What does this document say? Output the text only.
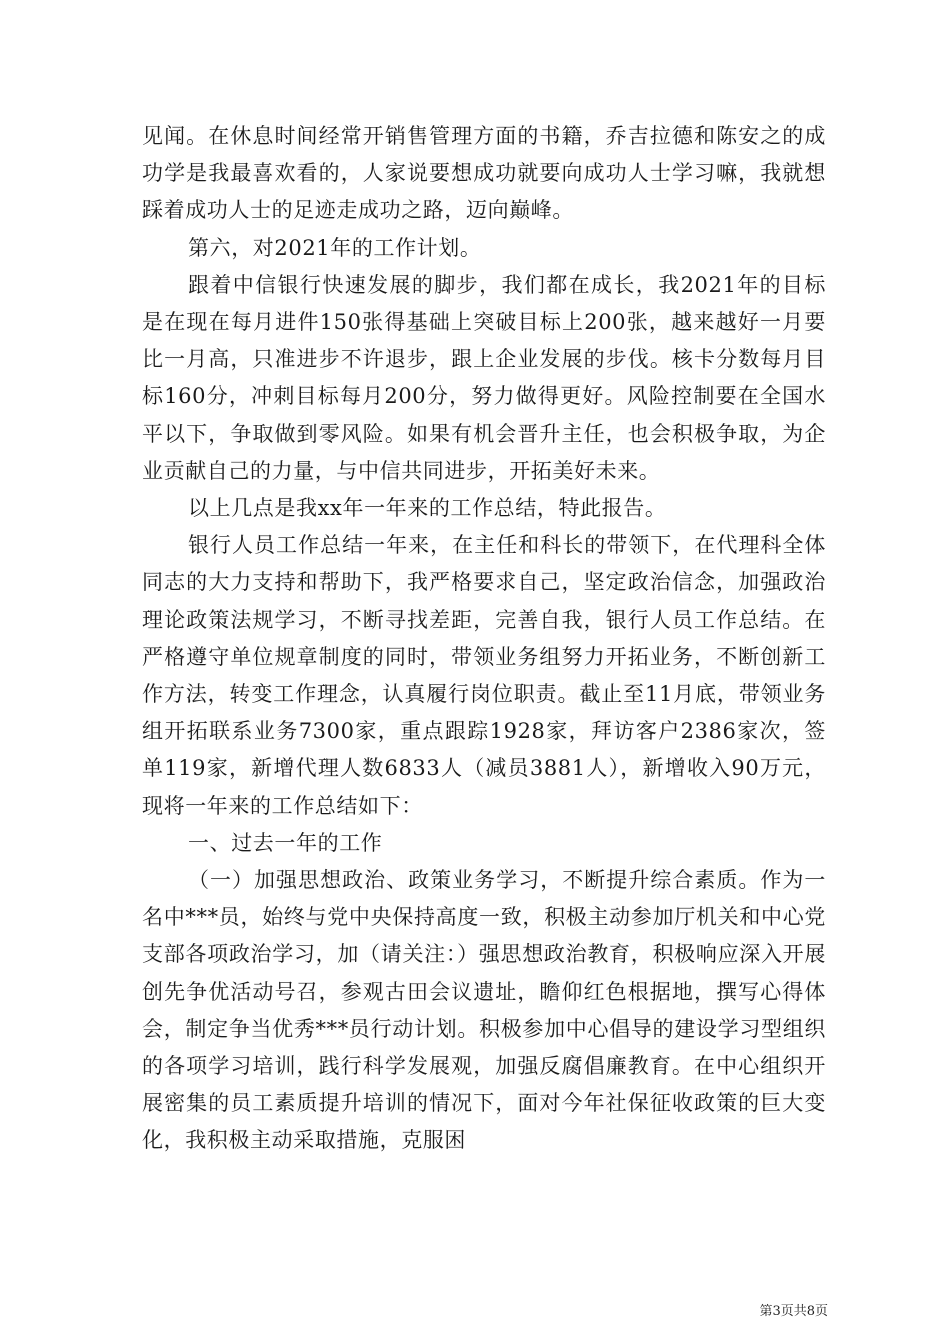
见闻。在休息时间经常开销售管理方面的书籍，乔吉拉德和陈安之的成功学是我最喜欢看的，人家说要想成功就要向成功人士学习嘛，我就想踩着成功人士的足迹走成功之路，迈向巅峰。

第六，对2021年的工作计划。

跟着中信银行快速发展的脚步，我们都在成长，我2021年的目标是在现在每月进件150张得基础上突破目标上200张，越来越好一月要比一月高，只准进步不许退步，跟上企业发展的步伐。核卡分数每月目标160分，冲刺目标每月200分，努力做得更好。风险控制要在全国水平以下，争取做到零风险。如果有机会晋升主任，也会积极争取，为企业贡献自己的力量，与中信共同进步，开拓美好未来。

以上几点是我xx年一年来的工作总结，特此报告。

银行人员工作总结一年来，在主任和科长的带领下，在代理科全体同志的大力支持和帮助下，我严格要求自己，坚定政治信念，加强政治理论政策法规学习，不断寻找差距，完善自我，银行人员工作总结。在严格遵守单位规章制度的同时，带领业务组努力开拓业务，不断创新工作方法，转变工作理念，认真履行岗位职责。截止至11月底，带领业务组开拓联系业务7300家，重点跟踪1928家，拜访客户2386家次，签单119家，新增代理人数6833人（减员3881人），新增收入90万元，现将一年来的工作总结如下：

一、过去一年的工作

（一）加强思想政治、政策业务学习，不断提升综合素质。作为一名中***员，始终与党中央保持高度一致，积极主动参加厅机关和中心党支部各项政治学习，加（请关注：）强思想政治教育，积极响应深入开展创先争优活动号召，参观古田会议遗址，瞻仰红色根据地，撰写心得体会，制定争当优秀***员行动计划。积极参加中心倡导的建设学习型组织的各项学习培训，践行科学发展观，加强反腐倡廉教育。在中心组织开展密集的员工素质提升培训的情况下，面对今年社保征收政策的巨大变化，我积极主动采取措施，克服困

第3页共8页
